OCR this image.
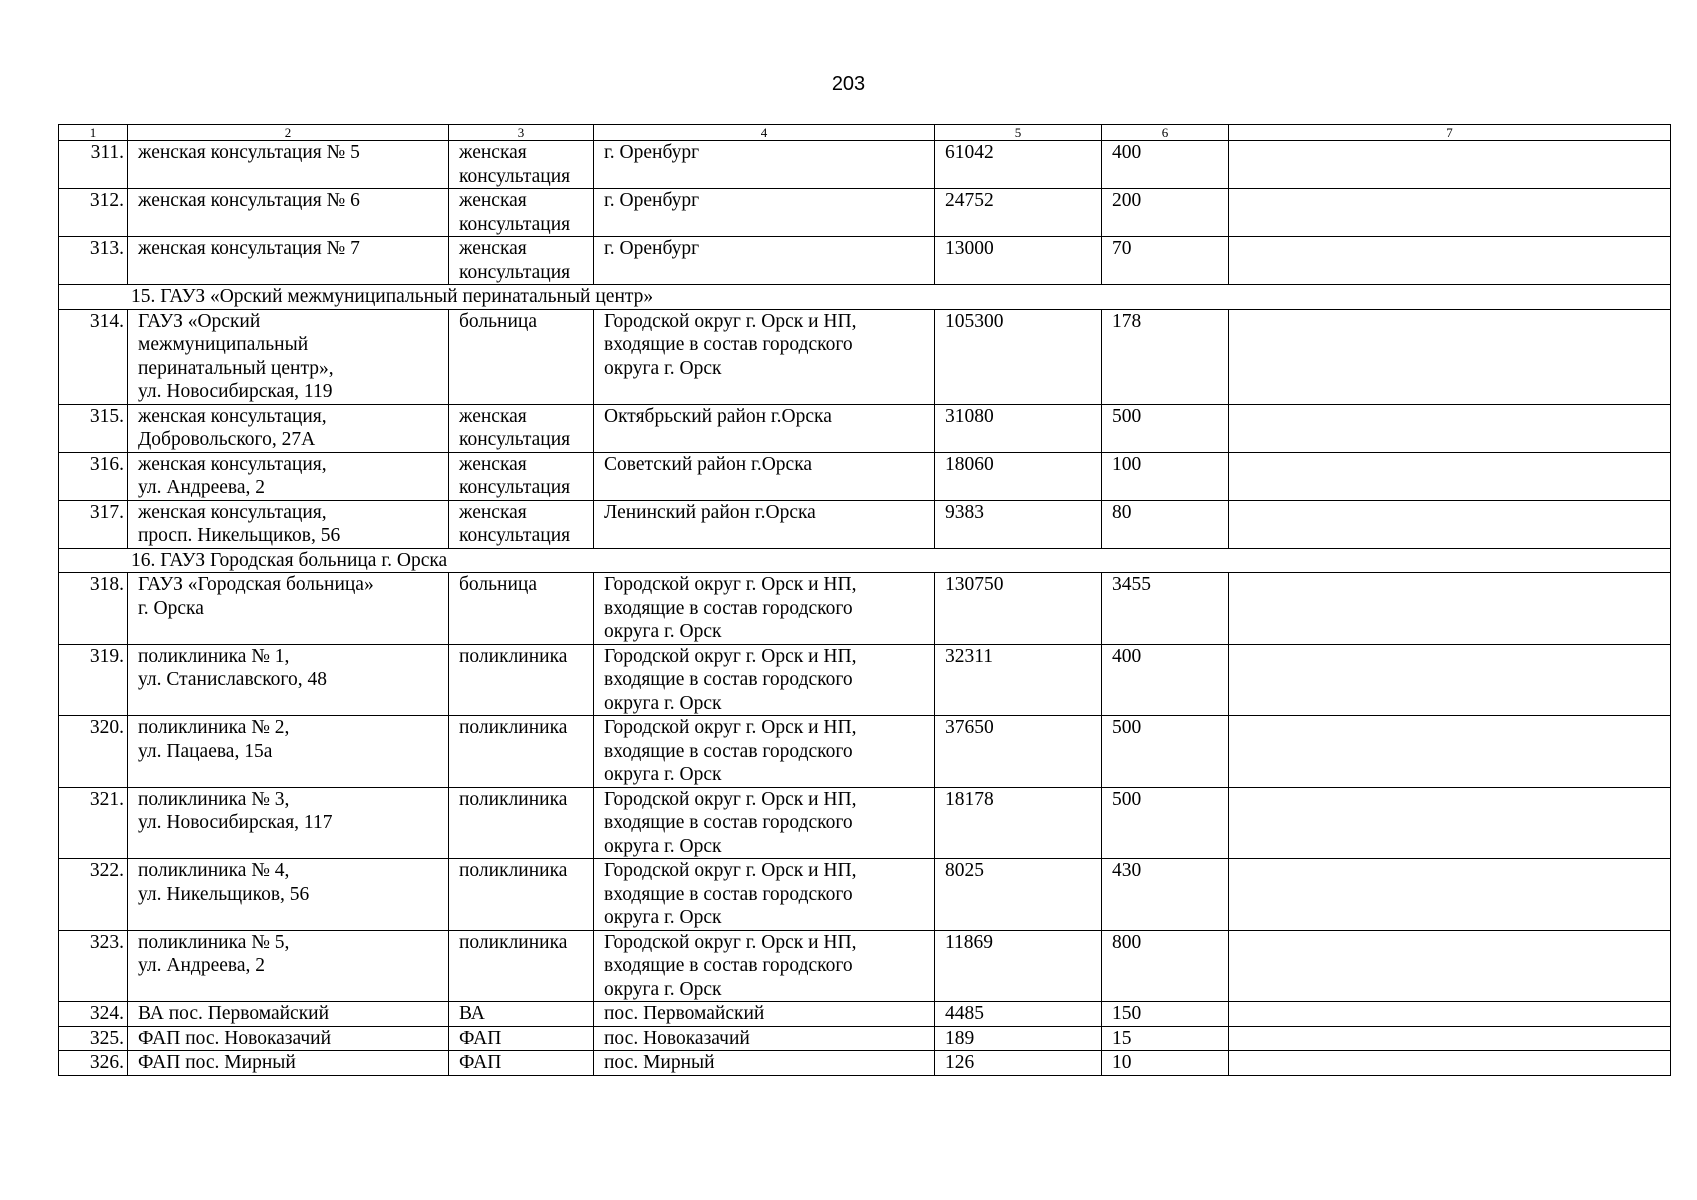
203
1	2	3	4	5	6	7
311.	женская консультация № 5	женская
консультация	г. Оренбург	61042	400	
312.	женская консультация № 6	женская
консультация	г. Оренбург	24752	200	
313.	женская консультация № 7	женская
консультация	г. Оренбург	13000	70	
15. ГАУЗ «Орский межмуниципальный перинатальный центр»						
314.	ГАУЗ «Орский
межмуниципальный
перинатальный центр»,
ул. Новосибирская, 119	больница	Городской округ г. Орск и НП,
входящие в состав городского
округа г. Орск	105300	178	
315.	женская консультация,
Добровольского, 27А	женская
консультация	Октябрьский район г.Орска	31080	500	
316.	женская консультация,
ул. Андреева, 2	женская
консультация	Советский район г.Орска	18060	100	
317.	женская консультация,
просп. Никельщиков, 56	женская
консультация	Ленинский район г.Орска	9383	80	
16. ГАУЗ Городская больница г. Орска						
318.	ГАУЗ «Городская больница»
г. Орска	больница	Городской округ г. Орск и НП,
входящие в состав городского
округа г. Орск	130750	3455	
319.	поликлиника № 1,
ул. Станиславского, 48	поликлиника	Городской округ г. Орск и НП,
входящие в состав городского
округа г. Орск	32311	400	
320.	поликлиника № 2,
ул. Пацаева, 15а	поликлиника	Городской округ г. Орск и НП,
входящие в состав городского
округа г. Орск	37650	500	
321.	поликлиника № 3,
ул. Новосибирская, 117	поликлиника	Городской округ г. Орск и НП,
входящие в состав городского
округа г. Орск	18178	500	
322.	поликлиника № 4,
ул. Никельщиков, 56	поликлиника	Городской округ г. Орск и НП,
входящие в состав городского
округа г. Орск	8025	430	
323.	поликлиника № 5,
ул. Андреева, 2	поликлиника	Городской округ г. Орск и НП,
входящие в состав городского
округа г. Орск	11869	800	
324.	ВА пос. Первомайский	ВА	пос. Первомайский	4485	150	
325.	ФАП пос. Новоказачий	ФАП	пос. Новоказачий	189	15	
326.	ФАП пос. Мирный	ФАП	пос. Мирный	126	10	
